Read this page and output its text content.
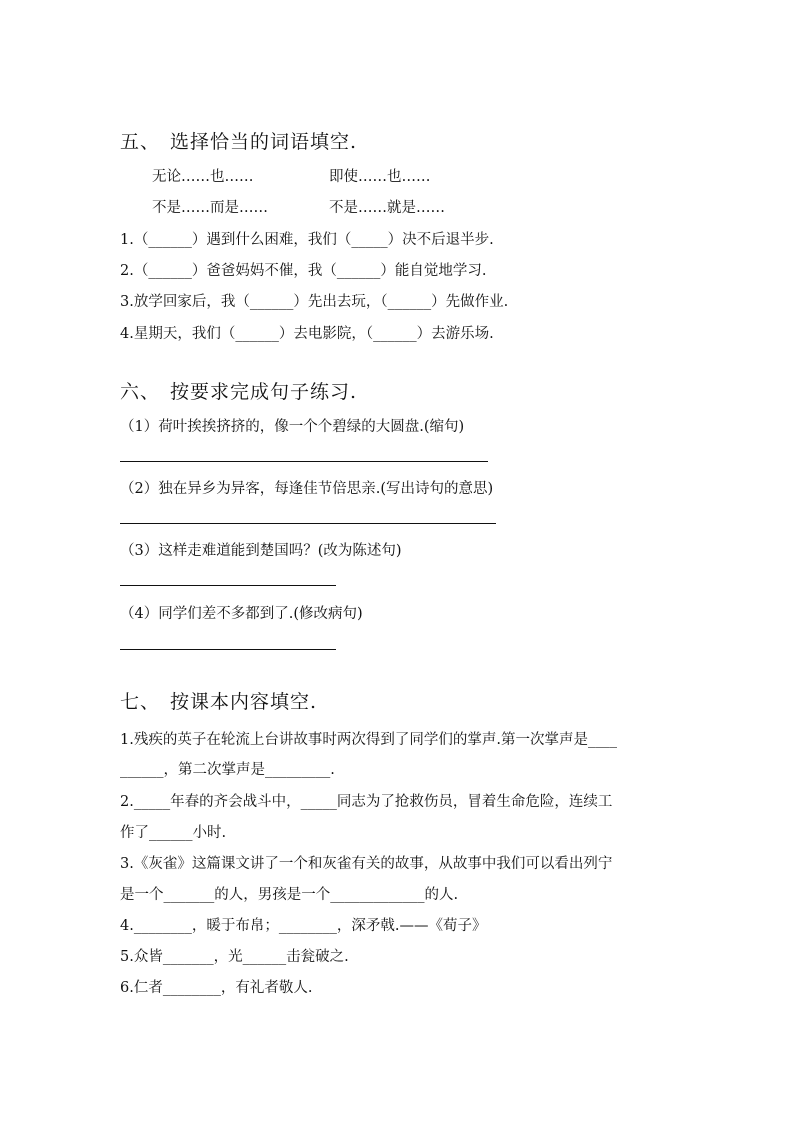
五、 选择恰当的词语填空.
无论……也……	即使……也……
不是……而是……	不是……就是……
1.（______）遇到什么困难，我们（_____）决不后退半步.
2.（______）爸爸妈妈不催，我（______）能自觉地学习.
3.放学回家后，我（______）先出去玩，（______）先做作业.
4.星期天，我们（______）去电影院，（______）去游乐场.
六、 按要求完成句子练习.
（1）荷叶挨挨挤挤的，像一个个碧绿的大圆盘.(缩句)
（2）独在异乡为异客，每逢佳节倍思亲.(写出诗句的意思)
（3）这样走难道能到楚国吗？(改为陈述句)
（4）同学们差不多都到了.(修改病句)
七、 按课本内容填空.
1.残疾的英子在轮流上台讲故事时两次得到了同学们的掌声.第一次掌声是____
______，第二次掌声是_________.
2._____年春的齐会战斗中，_____同志为了抢救伤员，冒着生命危险，连续工
作了______小时.
3.《灰雀》这篇课文讲了一个和灰雀有关的故事，从故事中我们可以看出列宁
是一个_______的人，男孩是一个_____________的人.
4.________，暖于布帛；________，深矛戟.——《荀子》
5.众皆_______，光______击瓮破之.
6.仁者________，有礼者敬人.
